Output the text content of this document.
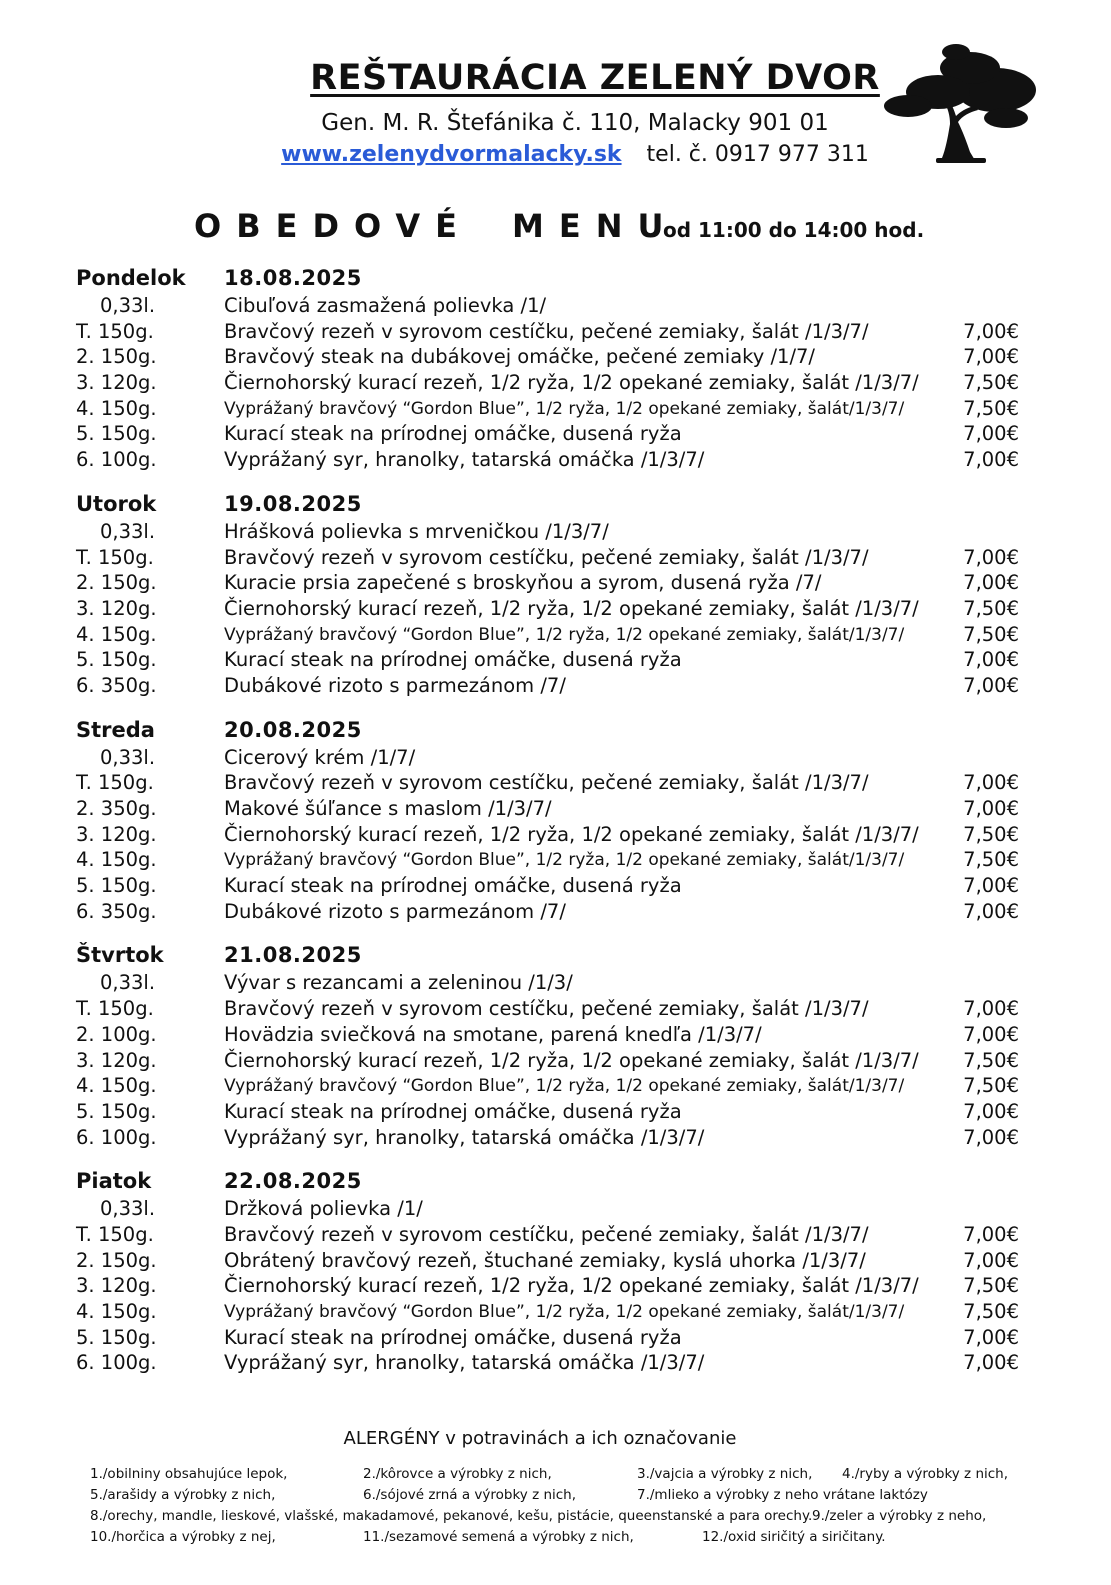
REŠTAURÁCIA ZELENÝ DVOR
Gen. M. R. Štefánika č. 110, Malacky 901 01
www.zelenydvormalacky.sk tel. č. 0917 977 311
OBEDOVÉ MENU
od 11:00 do 14:00 hod.
Pondelok 18.08.2025
0,33l.	Cibuľová zasmažená polievka /1/
T. 150g.	Bravčový rezeň v syrovom cestíčku, pečené zemiaky, šalát /1/3/7/	7,00€
2. 150g.	Bravčový steak na dubákovej omáčke, pečené zemiaky /1/7/	7,00€
3. 120g.	Čiernohorský kurací rezeň, 1/2 ryža, 1/2 opekané zemiaky, šalát /1/3/7/ 7,50€
4. 150g.	Vyprážaný bravčový “Gordon Blue”, 1/2 ryža, 1/2 opekané zemiaky, šalát/1/3/7/	7,50€
5. 150g.	Kurací steak na prírodnej omáčke, dusená ryža	7,00€
6. 100g.	Vyprážaný syr, hranolky, tatarská omáčka /1/3/7/	7,00€
Utorok	19.08.2025
0,33l.	Hrášková polievka s mrveničkou /1/3/7/
T. 150g.	Bravčový rezeň v syrovom cestíčku, pečené zemiaky, šalát /1/3/7/	7,00€
2. 150g.	Kuracie prsia zapečené s broskyňou a syrom, dusená ryža /7/	7,00€
3. 120g.	Čiernohorský kurací rezeň, 1/2 ryža, 1/2 opekané zemiaky, šalát /1/3/7/ 7,50€
4. 150g.	Vyprážaný bravčový “Gordon Blue”, 1/2 ryža, 1/2 opekané zemiaky, šalát/1/3/7/	7,50€
5. 150g.	Kurací steak na prírodnej omáčke, dusená ryža	7,00€
6. 350g.	Dubákové rizoto s parmezánom /7/	7,00€
Streda	20.08.2025
0,33l.	Cicerový krém /1/7/
T. 150g.	Bravčový rezeň v syrovom cestíčku, pečené zemiaky, šalát /1/3/7/	7,00€
2. 350g.	Makové šúľance s maslom /1/3/7/	7,00€
3. 120g.	Čiernohorský kurací rezeň, 1/2 ryža, 1/2 opekané zemiaky, šalát /1/3/7/ 7,50€
4. 150g.	Vyprážaný bravčový “Gordon Blue”, 1/2 ryža, 1/2 opekané zemiaky, šalát/1/3/7/	7,50€
5. 150g.	Kurací steak na prírodnej omáčke, dusená ryža	7,00€
6. 350g.	Dubákové rizoto s parmezánom /7/	7,00€
Štvrtok	21.08.2025
0,33l.	Vývar s rezancami a zeleninou /1/3/
T. 150g.	Bravčový rezeň v syrovom cestíčku, pečené zemiaky, šalát /1/3/7/	7,00€
2. 100g.	Hovädzia sviečková na smotane, parená knedľa /1/3/7/	7,00€
3. 120g.	Čiernohorský kurací rezeň, 1/2 ryža, 1/2 opekané zemiaky, šalát /1/3/7/ 7,50€
4. 150g.	Vyprážaný bravčový “Gordon Blue”, 1/2 ryža, 1/2 opekané zemiaky, šalát/1/3/7/	7,50€
5. 150g.	Kurací steak na prírodnej omáčke, dusená ryža	7,00€
6. 100g.	Vyprážaný syr, hranolky, tatarská omáčka /1/3/7/	7,00€
Piatok	22.08.2025
0,33l.	Držková polievka /1/
T. 150g.	Bravčový rezeň v syrovom cestíčku, pečené zemiaky, šalát /1/3/7/	7,00€
2. 150g.	Obrátený bravčový rezeň, štuchané zemiaky, kyslá uhorka /1/3/7/	7,00€
3. 120g.	Čiernohorský kurací rezeň, 1/2 ryža, 1/2 opekané zemiaky, šalát /1/3/7/ 7,50€
4. 150g.	Vyprážaný bravčový “Gordon Blue”, 1/2 ryža, 1/2 opekané zemiaky, šalát/1/3/7/	7,50€
5. 150g.	Kurací steak na prírodnej omáčke, dusená ryža	7,00€
6. 100g.	Vyprážaný syr, hranolky, tatarská omáčka /1/3/7/	7,00€
ALERGÉNY v potravinách a ich označovanie
1./obilniny obsahujúce lepok,	2./kôrovce a výrobky z nich,	3./vajcia a výrobky z nich, 4./ryby a výrobky z nich,
5./arašidy a výrobky z nich,	6./sójové zrná a výrobky z nich,	7./mlieko a výrobky z neho vrátane laktózy
8./orechy, mandle, lieskové, vlašské, makadamové, pekanové, kešu, pistácie, queenstanské a para orechy. 9./zeler a výrobky z neho,
10./horčica a výrobky z nej,	11./sezamové semená a výrobky z nich,	12./oxid siričitý a siričitany.
